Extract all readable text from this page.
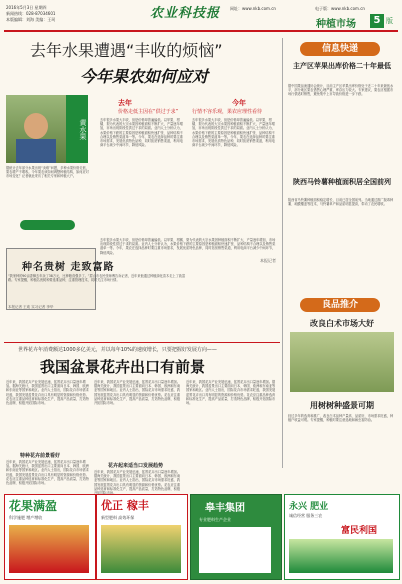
2016年5月3日 星期四
新闻热线：028-87034601
本版编辑：刘海 美编：王珂	农业科技报 网址：www.nkb.com.cn	电子版：www.nkb.com.cn
种植市场	5 版
去年水果遭遇“丰收的烦恼”
今年果农如何应对
黄水果
据统计去年部分水果出现“卖难”问题，多种水果价格走低，果农增产不增收。今年果农该如何调整种植结构，如何应对市场变化？记者就此采访了相关专家和种植大户。
去年
价格走低主因在“供过于求”
去年很多水果大丰收，但是价格却普遍偏低。以苹果、柑橘、梨为代表的大宗水果因种植面积不断扩大，产量逐年增加，市场出现阶段性供过于求的局面。业内人士分析认为，水果价格下跌的主要原因是种植面积快速扩张、品种结构不合理以及销售渠道单一等。今年，果农在选择品种时要注重市场需求，发展优质特色品种，同时拓宽销售渠道，利用电商平台减少中间环节，降低风险。
今年
行情不容乐观，果农应理性看待
去年很多水果大丰收，但是价格却普遍偏低。以苹果、柑橘、梨为代表的大宗水果因种植面积不断扩大，产量逐年增加，市场出现阶段性供过于求的局面。业内人士分析认为，水果价格下跌的主要原因是种植面积快速扩张、品种结构不合理以及销售渠道单一等。今年，果农在选择品种时要注重市场需求，发展优质特色品种，同时拓宽销售渠道，利用电商平台减少中间环节，降低风险。
去年很多水果大丰收，但是价格却普遍偏低。以苹果、柑橘、梨为代表的大宗水果因种植面积不断扩大，产量逐年增加，市场出现阶段性供过于求的局面。业内人士分析认为，水果价格下跌的主要原因是种植面积快速扩张、品种结构不合理以及销售渠道单一等。今年，果农在选择品种时要注重市场需求，发展优质特色品种，同时拓宽销售渠道，利用电商平台减少中间环节，降低风险。
本报记者
种名贵树 走致富路
“我家种的90亩香樟去年卖了38万元，比种粮食强多了。”眉山市农民张师傅告诉记者，近年来他通过种植绿化苗木走上了致富路。专家提醒，种植名贵树种要选准品种，注重管理技术，同时关注市场行情。
本报记者 王欢 实习记者 李华
信息快递
主产区苹果出库价格二十年最低
据中国果品流通协会统计，目前主产区苹果出库价格处于近二十年来最低水平，部分地区果农惜售心理严重，库存压力较大。专家建议，果农应根据市场行情适时销售，避免集中上市导致价格进一步下跌。
陕西马铃薯种植面积居全国前列
陕西省马铃薯种植面积稳定增长，目前已居全国前列。当地通过推广脱毒种薯、地膜覆盖等技术，马铃薯单产和品质明显提高，带动了农民增收。
良品推介
改良白术市场大好
用树树种盛景可期
经过多年的选育和推广，改良白术品种产量高、品质好，市场需求旺盛，种植户收益可观。专家提醒，种植时要注意选地和病虫害防治。
世界花卉年消费额达1000多亿美元，并以每年10%的速度增长，只要把握好发展方向——
我国盆景花卉出口有前景
近年来，我国花卉产业发展迅速，盆景花卉出口量逐年增加。据海关统计，我国盆景出口主要面向日本、韩国、欧洲和东南亚等国家和地区。业内人士指出，国际花卉市场需求旺盛，我国发展盆景花卉出口具有明显的资源和价格优势。花农应注重品种选育和标准化生产，提高产品质量，打造特色品牌，积极开拓国际市场。
特种花卉前景看好
近年来，我国花卉产业发展迅速，盆景花卉出口量逐年增加。据海关统计，我国盆景出口主要面向日本、韩国、欧洲和东南亚等国家和地区。业内人士指出，国际花卉市场需求旺盛，我国发展盆景花卉出口具有明显的资源和价格优势。花农应注重品种选育和标准化生产，提高产品质量，打造特色品牌，积极开拓国际市场。
近年来，我国花卉产业发展迅速，盆景花卉出口量逐年增加。据海关统计，我国盆景出口主要面向日本、韩国、欧洲和东南亚等国家和地区。业内人士指出，国际花卉市场需求旺盛，我国发展盆景花卉出口具有明显的资源和价格优势。花农应注重品种选育和标准化生产，提高产品质量，打造特色品牌，积极开拓国际市场。
花卉起来适当口发展趋势
近年来，我国花卉产业发展迅速，盆景花卉出口量逐年增加。据海关统计，我国盆景出口主要面向日本、韩国、欧洲和东南亚等国家和地区。业内人士指出，国际花卉市场需求旺盛，我国发展盆景花卉出口具有明显的资源和价格优势。花农应注重品种选育和标准化生产，提高产品质量，打造特色品牌，积极
近年来，我国花卉产业发展迅速，盆景花卉出口量逐年增加。据海关统计，我国盆景出口主要面向日本、韩国、欧洲和东南亚等国家和地区。业内人士指出，国际花卉市场需求旺盛，我国发展盆景花卉出口具有明显的资源和价格优势。花农应注重品种选育和标准化生产，提高产品质量，打造特色品牌，积极开拓国际市场。
花果满盈
科学施肥 增产增收
优正 稼丰
新型肥料 高效环保
皋丰集团
专业肥料生产企业
永兴 肥业
诚信经营 服务三农
富民利国
